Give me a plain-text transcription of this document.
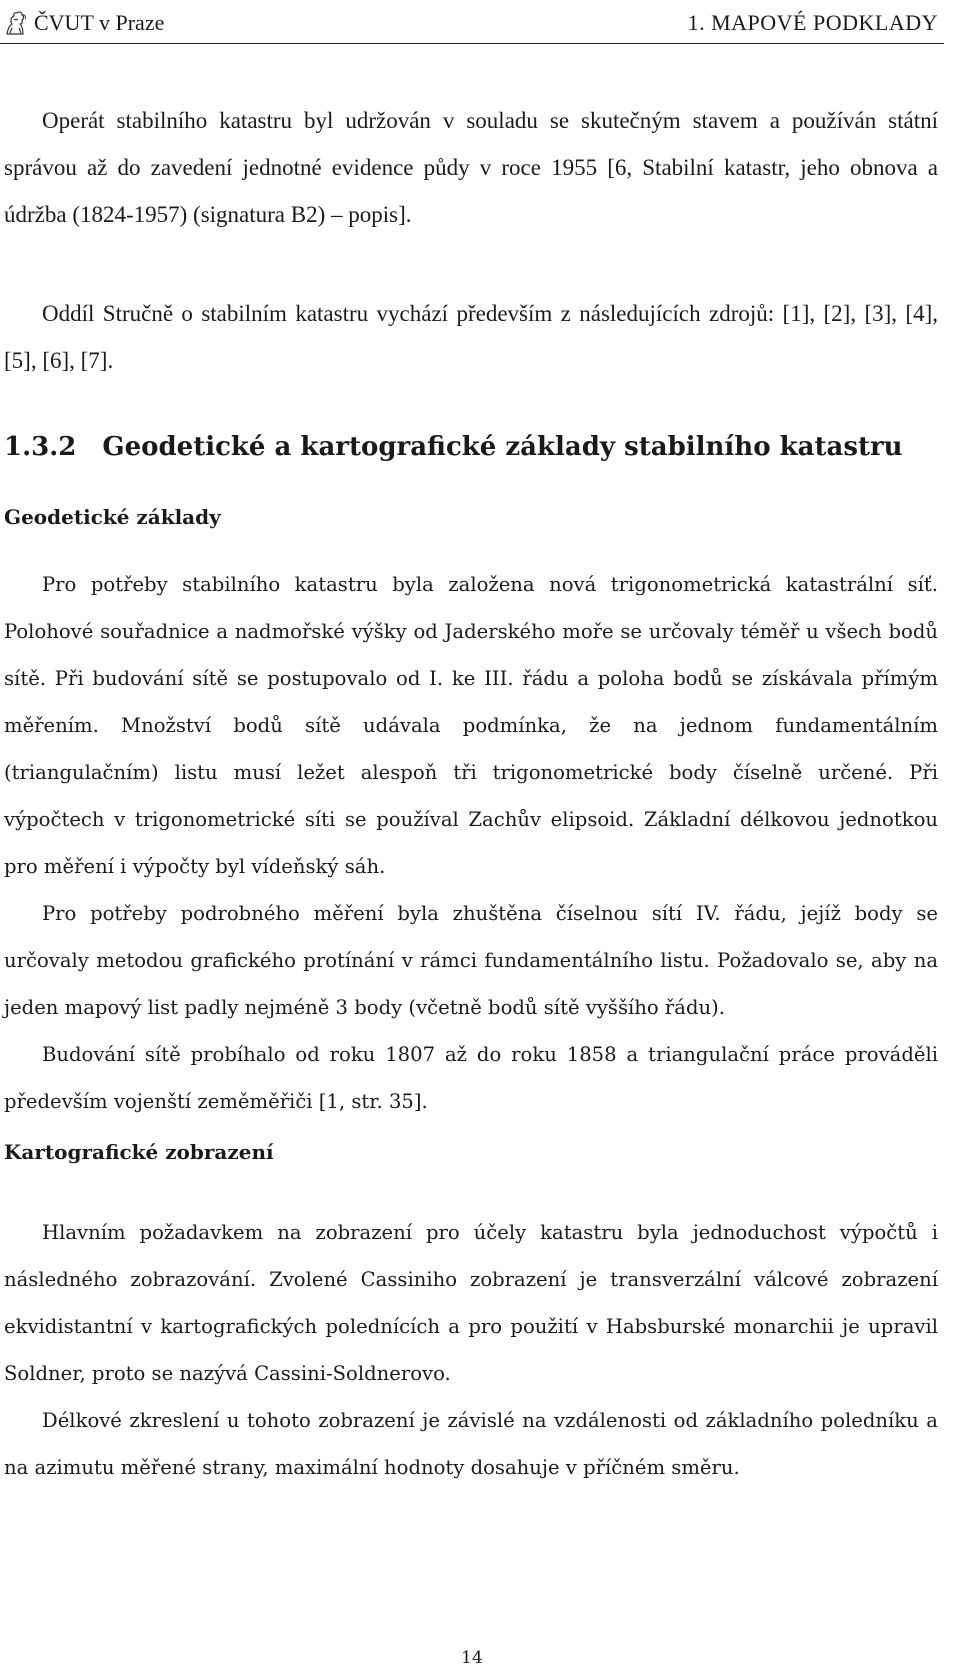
ČVUT v Praze	1. MAPOVÉ PODKLADY
Operát stabilního katastru byl udržován v souladu se skutečným stavem a používán státní správou až do zavedení jednotné evidence půdy v roce 1955 [6, Stabilní katastr, jeho obnova a údržba (1824-1957) (signatura B2) – popis].
Oddíl Stručně o stabilním katastru vychází především z následujících zdrojů: [1], [2], [3], [4], [5], [6], [7].
1.3.2 Geodetické a kartografické základy stabilního katastru
Geodetické základy
Pro potřeby stabilního katastru byla založena nová trigonometrická katastrální síť. Polohové souřadnice a nadmořské výšky od Jaderského moře se určovaly téměř u všech bodů sítě. Při budování sítě se postupovalo od I. ke III. řádu a poloha bodů se získávala přímým měřením. Množství bodů sítě udávala podmínka, že na jednom fundamentálním (triangulačním) listu musí ležet alespoň tři trigonometrické body číselně určené. Při výpočtech v trigonometrické síti se používal Zachův elipsoid. Základní délkovou jednotkou pro měření i výpočty byl vídeňský sáh.
Pro potřeby podrobného měření byla zhuštěna číselnou sítí IV. řádu, jejíž body se určovaly metodou grafického protínání v rámci fundamentálního listu. Požadovalo se, aby na jeden mapový list padly nejméně 3 body (včetně bodů sítě vyššího řádu).
Budování sítě probíhalo od roku 1807 až do roku 1858 a triangulační práce prováděli především vojenští zeměměřiči [1, str. 35].
Kartografické zobrazení
Hlavním požadavkem na zobrazení pro účely katastru byla jednoduchost výpočtů i následného zobrazování. Zvolené Cassiniho zobrazení je transverzální válcové zobrazení ekvidistantní v kartografických polednících a pro použití v Habsburské monarchii je upravil Soldner, proto se nazývá Cassini-Soldnerovo.
Délkové zkreslení u tohoto zobrazení je závislé na vzdálenosti od základního poledníku a na azimutu měřené strany, maximální hodnoty dosahuje v příčném směru.
14
